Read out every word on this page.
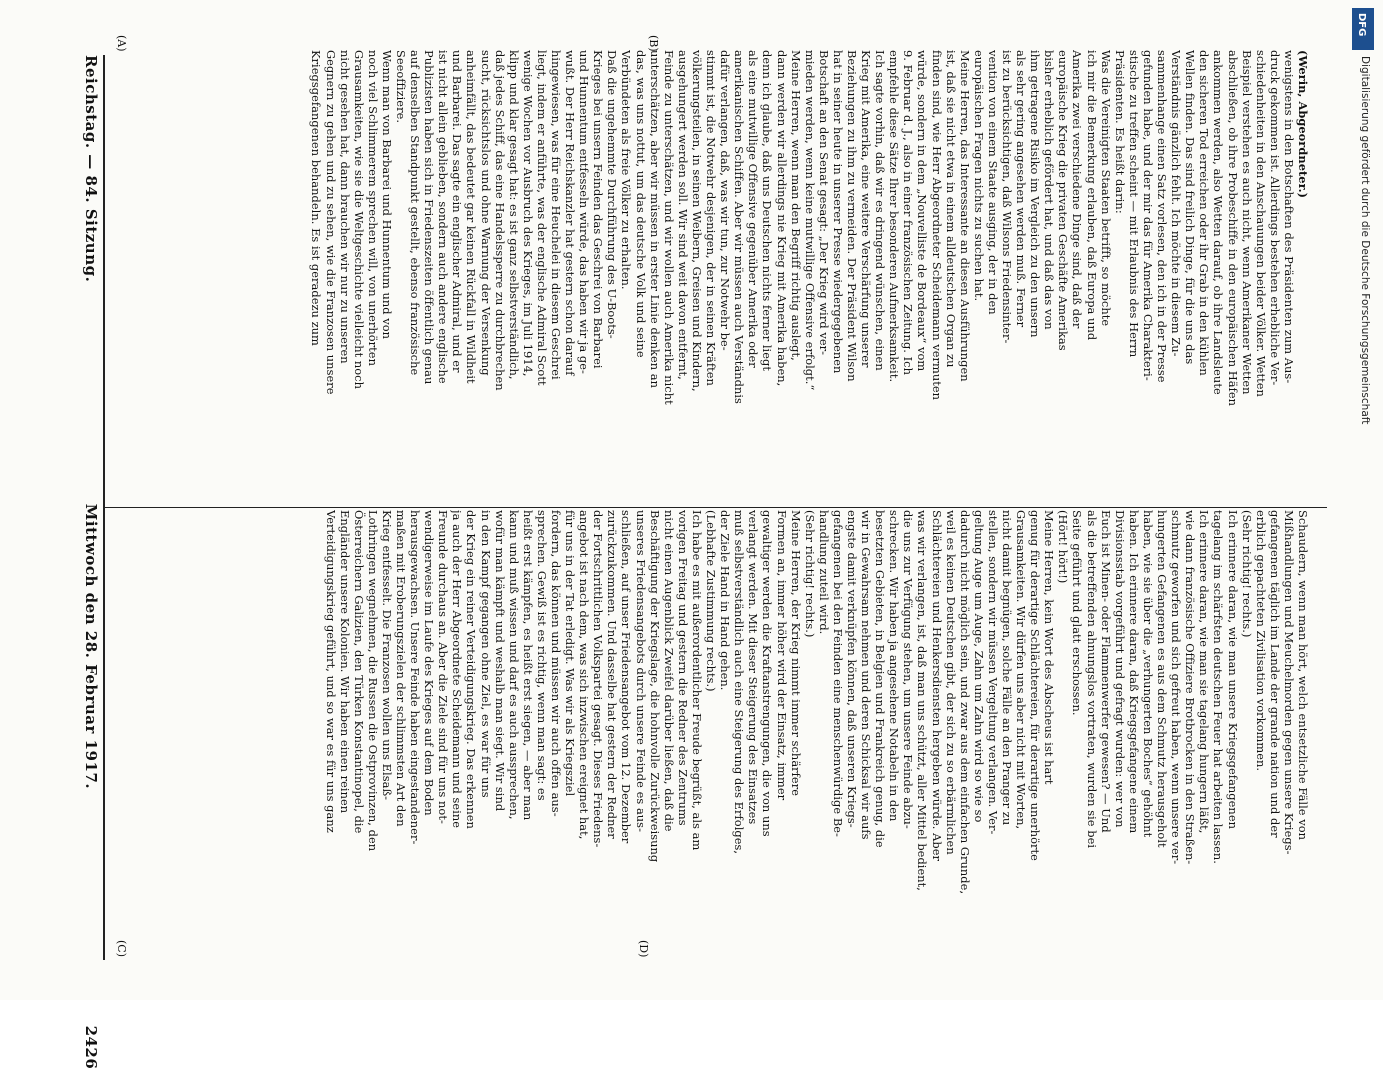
Reichstag. — 84. Sitzung.  Mittwoch den 28. Februar 1917.  2426
(Werin, Abgeordneter.)
wenigstens in den Botschaften des Präsidenten zum Aus-
druck gekommen ist. Allerdings bestehen erhebliche Ver-
schiedenheiten in den Anschauungen beider Völker. Wetten
Beispiel verstehen es auch nicht, wenn Amerikaner Wetten
abschließen, ob ihre Probeschiffe in den europäischen Häfen
ankommen werden, also Wetten darauf, ob ihre Landsleute
den sicheren Tod erreichen oder ihr Grab in den kühlen
Wellen finden. Das sind freilich Dinge, für die uns das
Verständnis gänzlich fehlt. Ich möchte in diesem Zu-
sammenhange einen Satz vorlesen, den ich in der Presse
gefunden habe, und der mir das für Amerika Charakteri-
stische zu treffen scheint — mit Erlaubnis des Herrn
Präsidenten. Es heißt darin:
Was die Vereinigten Staaten betrifft, so möchte
ich mir die Bemerkung erlauben, daß Europa und
Amerika zwei verschiedene Dinge sind, daß der
europäische Krieg die privaten Geschäfte Amerikas
bisher erheblich gefördert hat, und daß das von
ihm getragene Risiko im Vergleich zu den unsern
als sehr gering angesehen werden muß. Ferner
ist zu berücksichtigen, daß Wilsons Friedensinter-
vention von einem Staate ausging, der in den
europäischen Fragen nichts zu suchen hat.
Meine Herren, das Interessante an diesen Ausführungen
ist, daß sie nicht etwa in einem alldeutschen Organ zu
finden sind, wie Herr Abgeordneter Scheidemann vermuten
würde, sondern in dem „Nouvelliste de Bordeaux“ vom
9. Februar d. J., also in einer französischen Zeitung. Ich
empfehle diese Sätze Ihrer besonderen Aufmerksamkeit.
Ich sagte vorhin, daß wir es dringend wünschen, einen
Krieg mit Amerika, eine weitere Verschärfung unserer
Beziehungen zu ihm zu vermeiden. Der Präsident Wilson
hat in seiner heute in unserer Presse wiedergegebenen
Botschaft an den Senat gesagt: „Der Krieg wird ver-
mieden werden, wenn keine mutwillige Offensive erfolgt.“
Meine Herren, wenn man den Begriff richtig auslegt,
dann werden wir allerdings nie Krieg mit Amerika haben,
denn ich glaube, daß uns Deutschen nichts ferner liegt
als eine mutwillige Offensive gegenüber Amerika oder
amerikanischen Schiffen. Aber wir müssen auch Verständnis
dafür verlangen, daß, was wir tun, zur Notwehr be-
stimmt ist, die Notwehr desjenigen, der in seinen Kräften
völkerungsteilen, in seinen Weibern, Greisen und Kindern,
ausgehungert werden soll. Wir sind weit davon entfernt,
Feinde zu unterschätzen, und wir wollen auch Amerika nicht
unterschätzen, aber wir müssen in erster Linie denken an
das, was uns nottut, um das deutsche Volk und seine
Verbündeten als freie Völker zu erhalten.
Daß die ungehemmte Durchführung des U-Boots-
Krieges bei unsern Feinden das Geschrei von Barbarei
und Hunnentum entfesseln würde, das haben wir ja ge-
wußt. Der Herr Reichskanzler hat gestern schon darauf
hingewiesen, was für eine Heuchelei in diesem Geschrei
liegt, indem er anführte, was der englische Admiral Scott
wenige Wochen vor Ausbruch des Krieges, im Juli 1914,
klipp und klar gesagt hat: es ist ganz selbstverständlich,
daß jedes Schiff, das eine Handelssperre zu durchbrechen
sucht, rücksichtslos und ohne Warnung der Versenkung
anheimfällt, das bedeutet gar keinen Rückfall in Wildheit
und Barbarei. Das sagte ein englischer Admiral, und er
ist nicht allein geblieben, sondern auch andere englische
Publizisten haben sich in Friedenszeiten öffentlich genau
auf denselben Standpunkt gestellt, ebenso französische
Seeoffiziere.
Wenn man von Barbarei und Hunnentum und von
noch viel Schlimmerem sprechen will, von unerhörten
Grausamkeiten, wie sie die Weltgeschichte vielleicht noch
nicht gesehen hat, dann brauchen wir nur zu unseren
Gegnern zu gehen und zu sehen, wie die Franzosen unsere
Kriegsgefangenen behandeln. Es ist geradezu zum
Schaudern, wenn man hört, welch entsetzliche Fälle von
Mißhandlungen und Meuchelmorden gegen unsere Kriegs-
gefangenen täglich im Lande der grande nation und der
erblich gepachteten Zivilisation vorkommen.
(Sehr richtig! rechts.)
Ich erinnere daran, wie man unsere Kriegsgefangenen
tagelang im schärfsten deutschen Feuer hat arbeiten lassen.
Ich erinnere daran, wie man sie tagelang hungern läßt,
wie dann französische Offiziere Brotbrocken in den Straßen-
schmutz geworfen und sich gefreut haben, wenn unsere ver-
hungerten Gefangenen es aus dem Schmutz herausgeholt
haben, wie sie über die „verhungerten Boches“ gehöhnt
haben. Ich erinnere daran, daß Kriegsgefangene einem
Divisionsstab vorgeführt und gefragt wurden: wer von
Euch ist Minen- oder Flammenwerfer gewesen? — Und
als die betreffenden ahnungslos vortraten, wurden sie bei
Seite geführt und glatt erschossen.
(Hört! hört!)
Meine Herren, kein Wort des Abscheus ist hart
genug für derartige Schlächtereien, für derartige unerhörte
Grausamkeiten. Wir dürfen uns aber nicht mit Worten,
nicht damit begnügen, solche Fälle an den Pranger zu
stellen, sondern wir müssen Vergeltung verlangen. Ver-
geltung Auge um Auge, Zahn um Zahn wird so wie so
dadurch nicht möglich sein, und zwar aus dem einfachen Grunde,
weil es keinen Deutschen gibt, der sich zu so erbärmlichen
Schlächtereien und Henkersdiensten hergeben würde. Aber
was wir verlangen, ist, daß man uns schützt, aller Mittel bedient,
die uns zur Verfügung stehen, um unsere Feinde abzu-
schrecken. Wir haben ja angesehene Notabeln in den
besetzten Gebieten, in Belgien und Frankreich genug, die
wir in Gewahrsam nehmen und deren Schicksal wir aufs
engste damit verknüpfen können, daß unseren Kriegs-
gefangenen bei den Feinden eine menschenwürdige Be-
handlung zuteil wird.
(Sehr richtig! rechts.)
Meine Herren, der Krieg nimmt immer schärfere
Formen an, immer höher wird der Einsatz, immer
gewaltiger werden die Kraftanstrengungen, die von uns
verlangt werden. Mit dieser Steigerung des Einsatzes
muß selbstverständlich auch eine Steigerung des Erfolges,
der Ziele Hand in Hand gehen.
(Lebhafte Zustimmung rechts.)
Ich habe es mit außerordentlicher Freude begrüßt, als am
vorigen Freitag und gestern die Redner des Zentrums
nicht einen Augenblick Zweifel darüber ließen, daß die
Beschäftigung der Kriegslage, die hohnvolle Zurückweisung
unseres Friedensangebots durch unsere Feinde es aus-
schließen, auf unser Friedensangebot vom 12. Dezember
zurückzukommen. Und dasselbe hat gestern der Redner
der Fortschrittlichen Volkspartei gesagt. Dieses Friedens-
angebot ist nach dem, was sich inzwischen ereignet hat,
für uns in der Tat erledigt. Was wir als Kriegsziel
fordern, das können und müssen wir auch offen aus-
sprechen. Gewiß ist es richtig, wenn man sagt: es
heißt erst kämpfen, es heißt erst siegen, — aber man
kann und muß wissen und darf es auch aussprechen,
wofür man kämpft und weshalb man siegt. Wir sind
in den Kampf gegangen ohne Ziel, es war für uns
der Krieg ein reiner Verteidigungskrieg. Das erkennen
ja auch der Herr Abgeordnete Scheidemann und seine
Freunde durchaus an. Aber die Ziele sind für uns not-
wendigerweise im Laufe des Krieges auf dem Boden
herausgewachsen. Unsere Feinde haben eingestandener-
maßen mit Eroberungszielen der schlimmsten Art den
Krieg entfesselt. Die Franzosen wollen uns Elsaß-
Lothringen wegnehmen, die Russen die Ostprovinzen, den
Österreichern Galizien, den Türken Konstantinopel, die
Engländer unsere Kolonien. Wir haben einen reinen
Verteidigungskrieg geführt, und so war es für uns ganz
(A)	(B)
(C)	(D)
DFG
Digitalisierung gefördert durch die Deutsche Forschungsgemeinschaft
